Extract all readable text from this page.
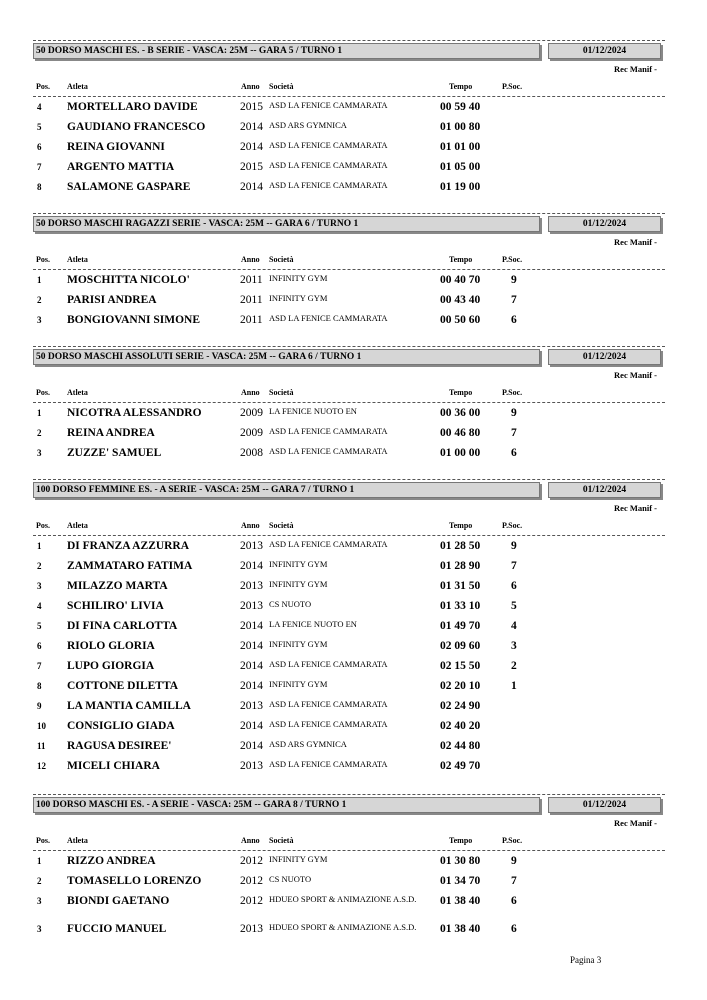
50 DORSO MASCHI ES. - B SERIE - VASCA: 25M -- GARA 5 / TURNO 1	01/12/2024
Rec Manif -
Pos. Atleta	Anno Società	Tempo	P.Soc.
4 MORTELLARO DAVIDE	2015 ASD LA FENICE CAMMARATA	00 59 40
5 GAUDIANO FRANCESCO	2014 ASD ARS GYMNICA	01 00 80
6 REINA GIOVANNI	2014 ASD LA FENICE CAMMARATA	01 01 00
7 ARGENTO MATTIA	2015 ASD LA FENICE CAMMARATA	01 05 00
8 SALAMONE GASPARE	2014 ASD LA FENICE CAMMARATA	01 19 00
50 DORSO MASCHI RAGAZZI SERIE - VASCA: 25M -- GARA 6 / TURNO 1	01/12/2024
Rec Manif -
Pos. Atleta	Anno Società	Tempo	P.Soc.
1 MOSCHITTA NICOLO'	2011 INFINITY GYM	00 40 70	9
2 PARISI ANDREA	2011 INFINITY GYM	00 43 40	7
3 BONGIOVANNI SIMONE	2011 ASD LA FENICE CAMMARATA	00 50 60	6
50 DORSO MASCHI ASSOLUTI SERIE - VASCA: 25M -- GARA 6 / TURNO 1	01/12/2024
Rec Manif -
Pos. Atleta	Anno Società	Tempo	P.Soc.
1 NICOTRA ALESSANDRO	2009 LA FENICE NUOTO EN	00 36 00	9
2 REINA ANDREA	2009 ASD LA FENICE CAMMARATA	00 46 80	7
3 ZUZZE' SAMUEL	2008 ASD LA FENICE CAMMARATA	01 00 00	6
100 DORSO FEMMINE ES. - A SERIE - VASCA: 25M -- GARA 7 / TURNO 1	01/12/2024
Rec Manif -
Pos. Atleta	Anno Società	Tempo	P.Soc.
1 DI FRANZA AZZURRA	2013 ASD LA FENICE CAMMARATA	01 28 50	9
2 ZAMMATARO FATIMA	2014 INFINITY GYM	01 28 90	7
3 MILAZZO MARTA	2013 INFINITY GYM	01 31 50	6
4 SCHILIRO' LIVIA	2013 CS NUOTO	01 33 10	5
5 DI FINA CARLOTTA	2014 LA FENICE NUOTO EN	01 49 70	4
6 RIOLO GLORIA	2014 INFINITY GYM	02 09 60	3
7 LUPO GIORGIA	2014 ASD LA FENICE CAMMARATA	02 15 50	2
8 COTTONE DILETTA	2014 INFINITY GYM	02 20 10	1
9 LA MANTIA CAMILLA	2013 ASD LA FENICE CAMMARATA	02 24 90
10 CONSIGLIO GIADA	2014 ASD LA FENICE CAMMARATA	02 40 20
11 RAGUSA DESIREE'	2014 ASD ARS GYMNICA	02 44 80
12 MICELI CHIARA	2013 ASD LA FENICE CAMMARATA	02 49 70
100 DORSO MASCHI ES. - A SERIE - VASCA: 25M -- GARA 8 / TURNO 1	01/12/2024
Rec Manif -
Pos. Atleta	Anno Società	Tempo	P.Soc.
1 RIZZO ANDREA	2012 INFINITY GYM	01 30 80	9
2 TOMASELLO LORENZO	2012 CS NUOTO	01 34 70	7
3 BIONDI GAETANO	2012 HDUEO SPORT & ANIMAZIONE A.S.D. 01 38 40	6
3 FUCCIO MANUEL	2013 HDUEO SPORT & ANIMAZIONE A.S.D. 01 38 40	6
Pagina 3
